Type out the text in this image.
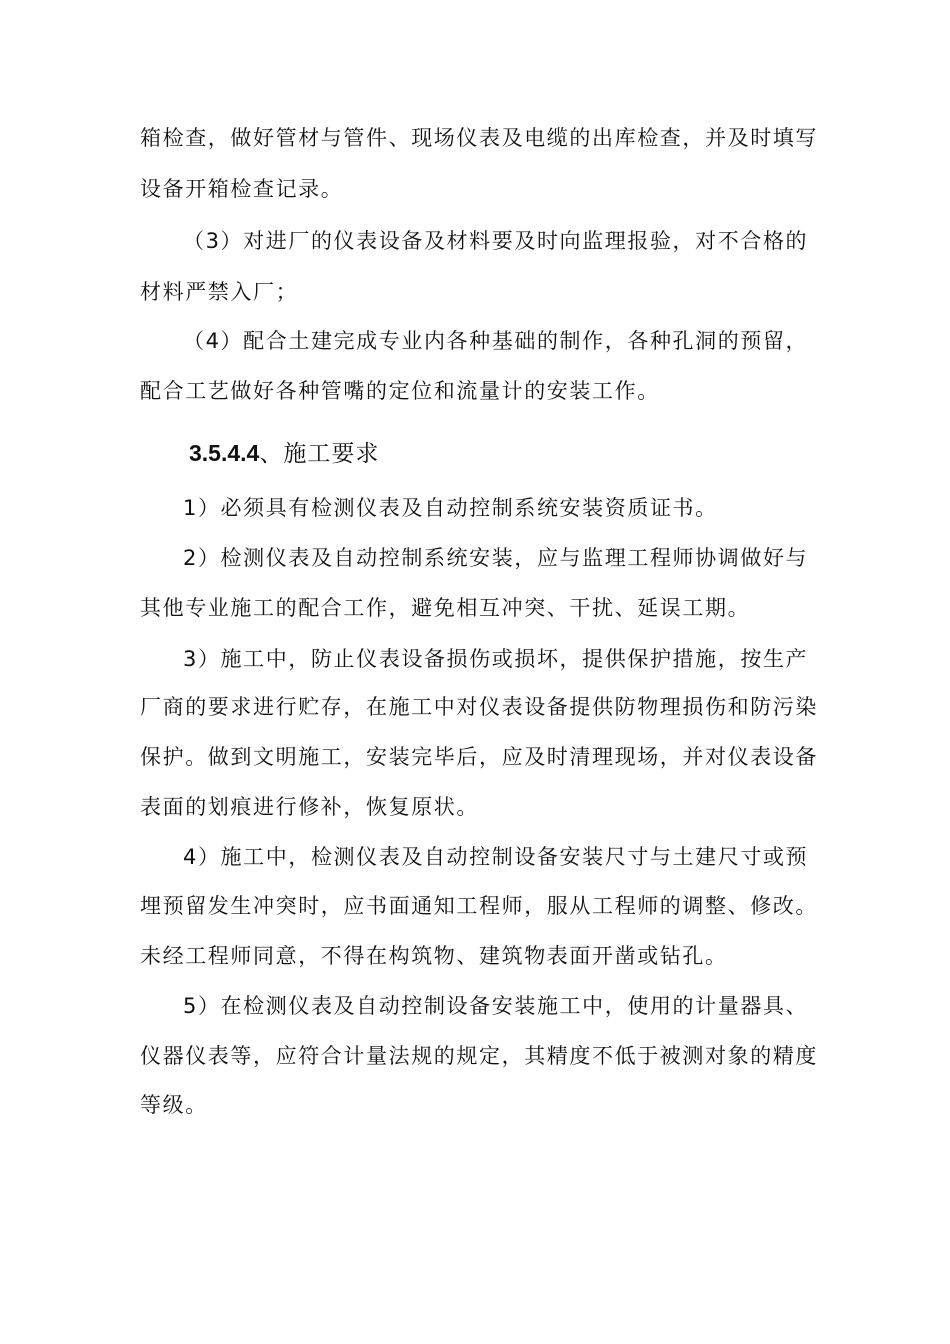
箱检查，做好管材与管件、现场仪表及电缆的出库检查，并及时填写
设备开箱检查记录。
（3）对进厂的仪表设备及材料要及时向监理报验，对不合格的
材料严禁入厂；
（4）配合土建完成专业内各种基础的制作，各种孔洞的预留，
配合工艺做好各种管嘴的定位和流量计的安装工作。
3.5.4.4、施工要求
1）必须具有检测仪表及自动控制系统安装资质证书。
2）检测仪表及自动控制系统安装，应与监理工程师协调做好与
其他专业施工的配合工作，避免相互冲突、干扰、延误工期。
3）施工中，防止仪表设备损伤或损坏，提供保护措施，按生产
厂商的要求进行贮存，在施工中对仪表设备提供防物理损伤和防污染
保护。做到文明施工，安装完毕后，应及时清理现场，并对仪表设备
表面的划痕进行修补，恢复原状。
4）施工中，检测仪表及自动控制设备安装尺寸与土建尺寸或预
埋预留发生冲突时，应书面通知工程师，服从工程师的调整、修改。
未经工程师同意，不得在构筑物、建筑物表面开凿或钻孔。
5）在检测仪表及自动控制设备安装施工中，使用的计量器具、
仪器仪表等，应符合计量法规的规定，其精度不低于被测对象的精度
等级。
